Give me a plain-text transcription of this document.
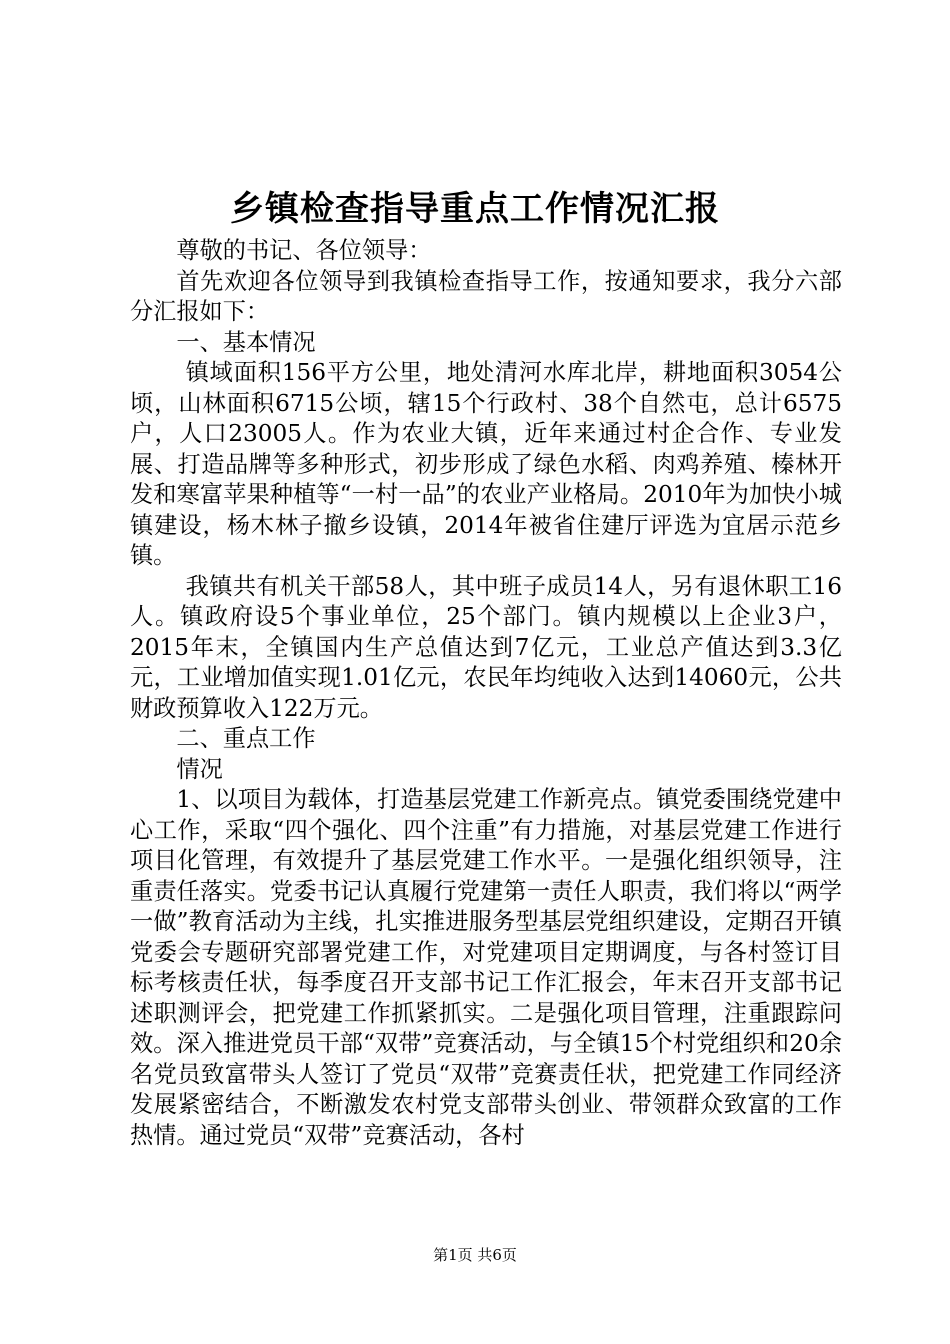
乡镇检查指导重点工作情况汇报

尊敬的书记、各位领导：

首先欢迎各位领导到我镇检查指导工作，按通知要求，我分六部分汇报如下：

一、基本情况

镇域面积156平方公里，地处清河水库北岸，耕地面积3054公顷，山林面积6715公顷，辖15个行政村、38个自然屯，总计6575户，人口23005人。作为农业大镇，近年来通过村企合作、专业发展、打造品牌等多种形式，初步形成了绿色水稻、肉鸡养殖、榛林开发和寒富苹果种植等“一村一品”的农业产业格局。2010年为加快小城镇建设，杨木林子撤乡设镇，2014年被省住建厅评选为宜居示范乡镇。

我镇共有机关干部58人，其中班子成员14人，另有退休职工16人。镇政府设5个事业单位，25个部门。镇内规模以上企业3户，2015年末，全镇国内生产总值达到7亿元，工业总产值达到3.3亿元，工业增加值实现1.01亿元，农民年均纯收入达到14060元，公共财政预算收入122万元。

二、重点工作

情况

1、以项目为载体，打造基层党建工作新亮点。镇党委围绕党建中心工作，采取“四个强化、四个注重”有力措施，对基层党建工作进行项目化管理，有效提升了基层党建工作水平。一是强化组织领导，注重责任落实。党委书记认真履行党建第一责任人职责，我们将以“两学一做”教育活动为主线，扎实推进服务型基层党组织建设，定期召开镇党委会专题研究部署党建工作，对党建项目定期调度，与各村签订目标考核责任状，每季度召开支部书记工作汇报会，年末召开支部书记述职测评会，把党建工作抓紧抓实。二是强化项目管理，注重跟踪问效。深入推进党员干部“双带”竞赛活动，与全镇15个村党组织和20余名党员致富带头人签订了党员“双带”竞赛责任状，把党建工作同经济发展紧密结合，不断激发农村党支部带头创业、带领群众致富的工作热情。通过党员“双带”竞赛活动，各村

第1页 共6页
